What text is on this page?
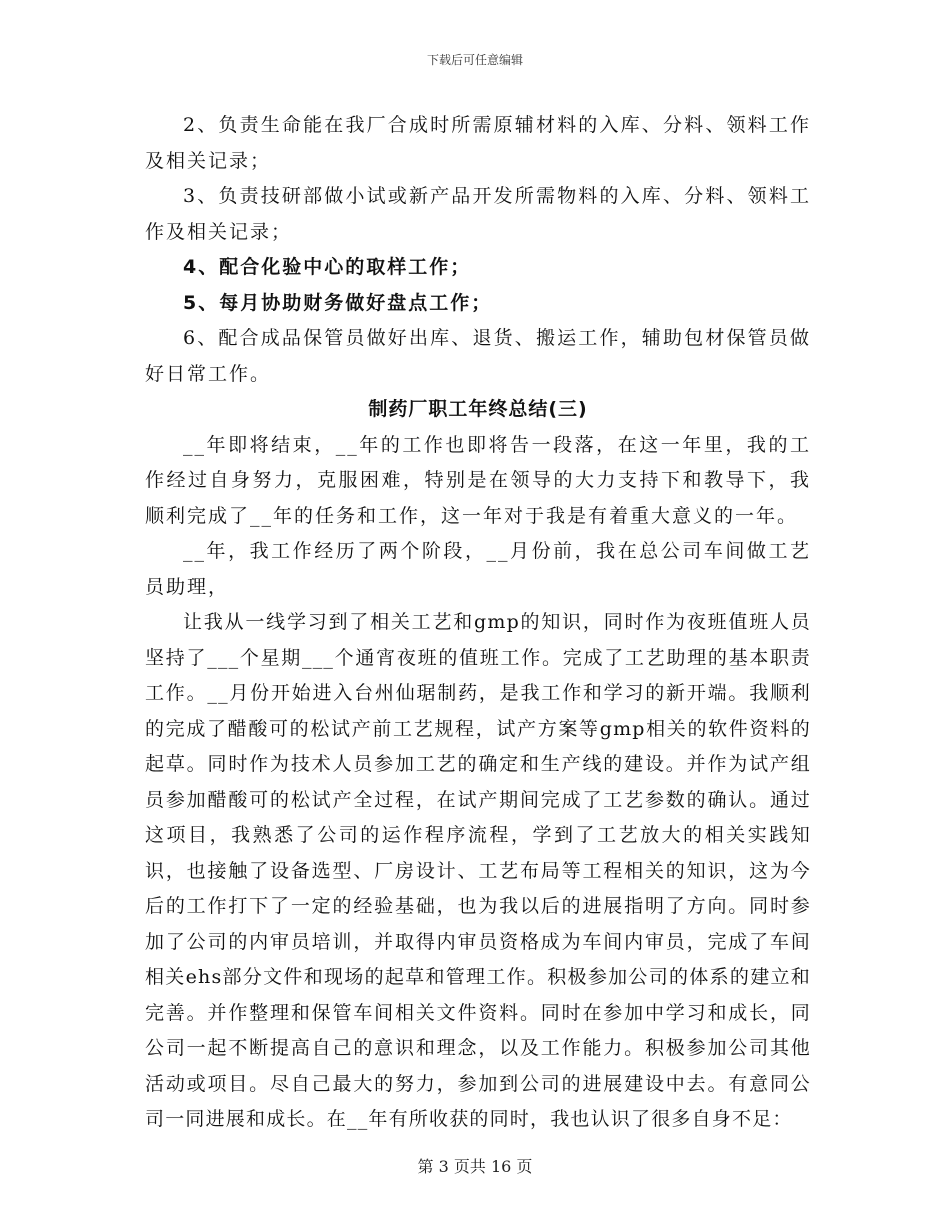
下载后可任意编辑

2、负责生命能在我厂合成时所需原辅材料的入库、分料、领料工作及相关记录；

3、负责技研部做小试或新产品开发所需物料的入库、分料、领料工作及相关记录；

4、配合化验中心的取样工作；

5、每月协助财务做好盘点工作；

6、配合成品保管员做好出库、退货、搬运工作，辅助包材保管员做好日常工作。

制药厂职工年终总结(三)

__年即将结束，__年的工作也即将告一段落，在这一年里，我的工作经过自身努力，克服困难，特别是在领导的大力支持下和教导下，我顺利完成了__年的任务和工作，这一年对于我是有着重大意义的一年。

__年，我工作经历了两个阶段，__月份前，我在总公司车间做工艺员助理，

让我从一线学习到了相关工艺和gmp的知识，同时作为夜班值班人员坚持了___个星期___个通宵夜班的值班工作。完成了工艺助理的基本职责工作。__月份开始进入台州仙琚制药，是我工作和学习的新开端。我顺利的完成了醋酸可的松试产前工艺规程，试产方案等gmp相关的软件资料的起草。同时作为技术人员参加工艺的确定和生产线的建设。并作为试产组员参加醋酸可的松试产全过程，在试产期间完成了工艺参数的确认。通过这项目，我熟悉了公司的运作程序流程，学到了工艺放大的相关实践知识，也接触了设备选型、厂房设计、工艺布局等工程相关的知识，这为今后的工作打下了一定的经验基础，也为我以后的进展指明了方向。同时参加了公司的内审员培训，并取得内审员资格成为车间内审员，完成了车间相关ehs部分文件和现场的起草和管理工作。积极参加公司的体系的建立和完善。并作整理和保管车间相关文件资料。同时在参加中学习和成长，同公司一起不断提高自己的意识和理念，以及工作能力。积极参加公司其他活动或项目。尽自己最大的努力，参加到公司的进展建设中去。有意同公司一同进展和成长。在__年有所收获的同时，我也认识了很多自身不足：

第 3 页共 16 页
